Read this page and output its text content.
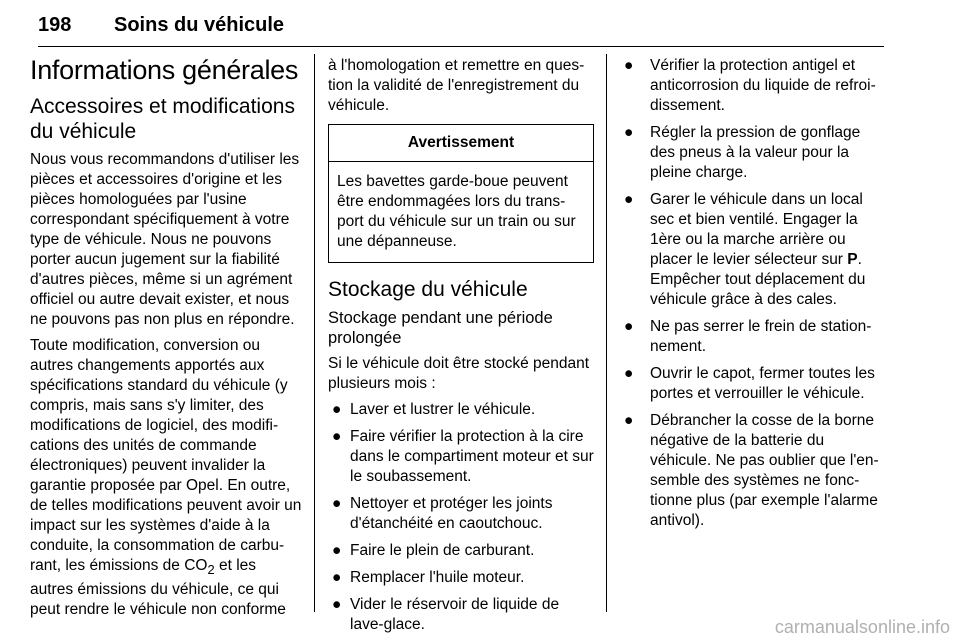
198 Soins du véhicule
Informations générales
Accessoires et modifications du véhicule

Nous vous recommandons d'utiliser les pièces et accessoires d'origine et les pièces homologuées par l'usine correspondant spécifiquement à votre type de véhicule. Nous ne pouvons porter aucun jugement sur la fiabilité d'autres pièces, même si un agrément officiel ou autre devait exister, et nous ne pouvons pas non plus en répondre.

Toute modification, conversion ou autres changements apportés aux spécifications standard du véhicule (y compris, mais sans s'y limiter, des modifications de logiciel, des modifi-cations des unités de commande électroniques) peuvent invalider la garantie proposée par Opel. En outre, de telles modifications peuvent avoir un impact sur les systèmes d'aide à la conduite, la consommation de carbu-rant, les émissions de $CO_2$ et les autres émissions du véhicule, ce qui peut rendre le véhicule non conforme

à l'homologation et remettre en ques-tion la validité de l'enregistrement du véhicule.

Avertissement
Les bavettes garde-boue peuvent être endommagées lors du trans-port du véhicule sur un train ou sur une dépanneuse.
Stockage du véhicule
Stockage pendant une période prolongée

Si le véhicule doit être stocké pendant plusieurs mois :

● Laver et lustrer le véhicule.
● Faire vérifier la protection à la cire dans le compartiment moteur et sur le soubassement.
● Nettoyer et protéger les joints d'étanchéité en caoutchouc.
● Faire le plein de carburant.
● Remplacer l'huile moteur.
● Vider le réservoir de liquide de lave-glace.
● Vérifier la protection antigel et anticorrosion du liquide de refroi-dissement.
● Régler la pression de gonflage des pneus à la valeur pour la pleine charge.
● Garer le véhicule dans un local sec et bien ventilé. Engager la 1ère ou la marche arrière ou placer le levier sélecteur sur P. Empêcher tout déplacement du véhicule grâce à des cales.
● Ne pas serrer le frein de station-nement.
● Ouvrir le capot, fermer toutes les portes et verrouiller le véhicule.
● Débrancher la cosse de la borne négative de la batterie du véhicule. Ne pas oublier que l'en-semble des systèmes ne fonc-tionne plus (par exemple l'alarme antivol).
carmanualsonline.info
